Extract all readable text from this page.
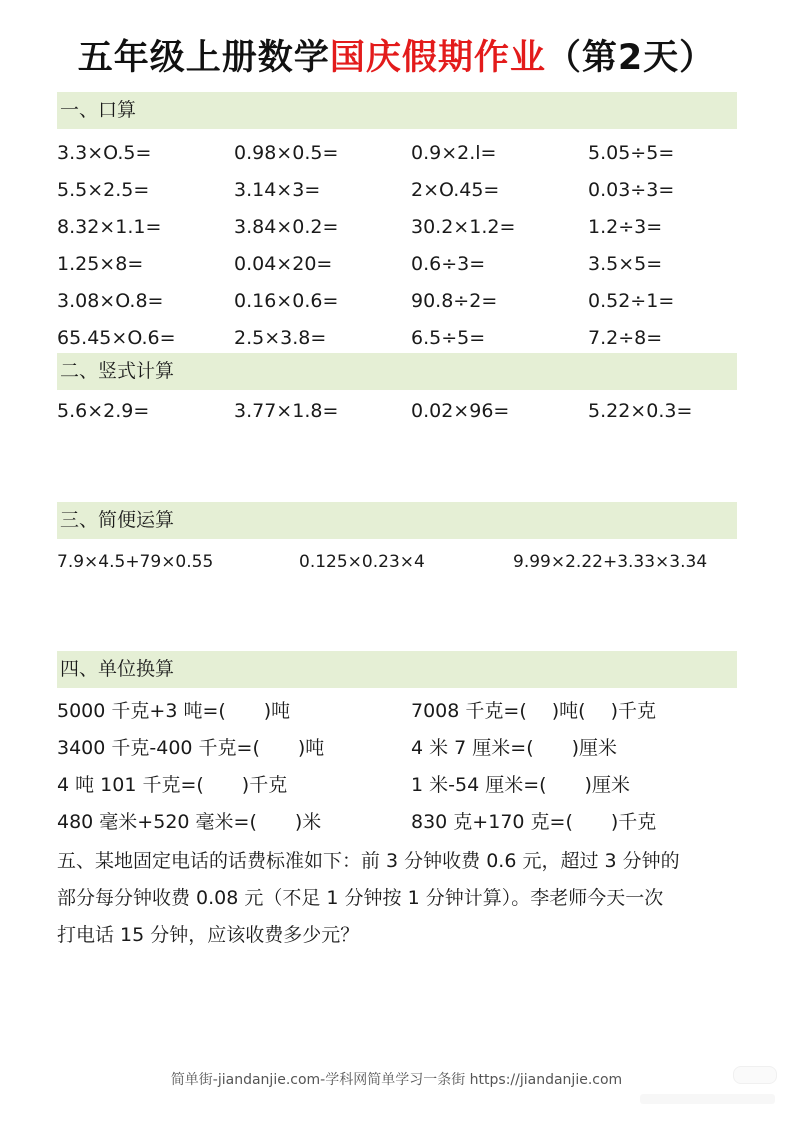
五年级上册数学国庆假期作业（第2天）
一、口算
3.3×O.5=	0.98×0.5=	0.9×2.l=	5.05÷5=
5.5×2.5=	3.14×3=	2×O.45=	0.03÷3=
8.32×1.1=	3.84×0.2=	30.2×1.2=	1.2÷3=
1.25×8=	0.04×20=	0.6÷3=	3.5×5=
3.08×O.8=	0.16×0.6=	90.8÷2=	0.52÷1=
65.45×O.6=	2.5×3.8=	6.5÷5=	7.2÷8=
二、竖式计算
5.6×2.9=	3.77×1.8=	0.02×96=	5.22×0.3=
三、简便运算
7.9×4.5+79×0.55	0.125×0.23×4	9.99×2.22+3.33×3.34
四、单位换算
5000 千克+3 吨=(　　)吨	7008 千克=(　 )吨(　 )千克
3400 千克-400 千克=(　　)吨	4 米 7 厘米=(　　)厘米
4 吨 101 千克=(　　)千克	1 米-54 厘米=(　　)厘米
480 毫米+520 毫米=(　　)米	830 克+170 克=(　　)千克
五、某地固定电话的话费标准如下：前 3 分钟收费 0.6 元，超过 3 分钟的
部分每分钟收费 0.08 元（不足 1 分钟按 1 分钟计算）。李老师今天一次
打电话 15 分钟，应该收费多少元？
简单街-jiandanjie.com-学科网简单学习一条街 https://jiandanjie.com
